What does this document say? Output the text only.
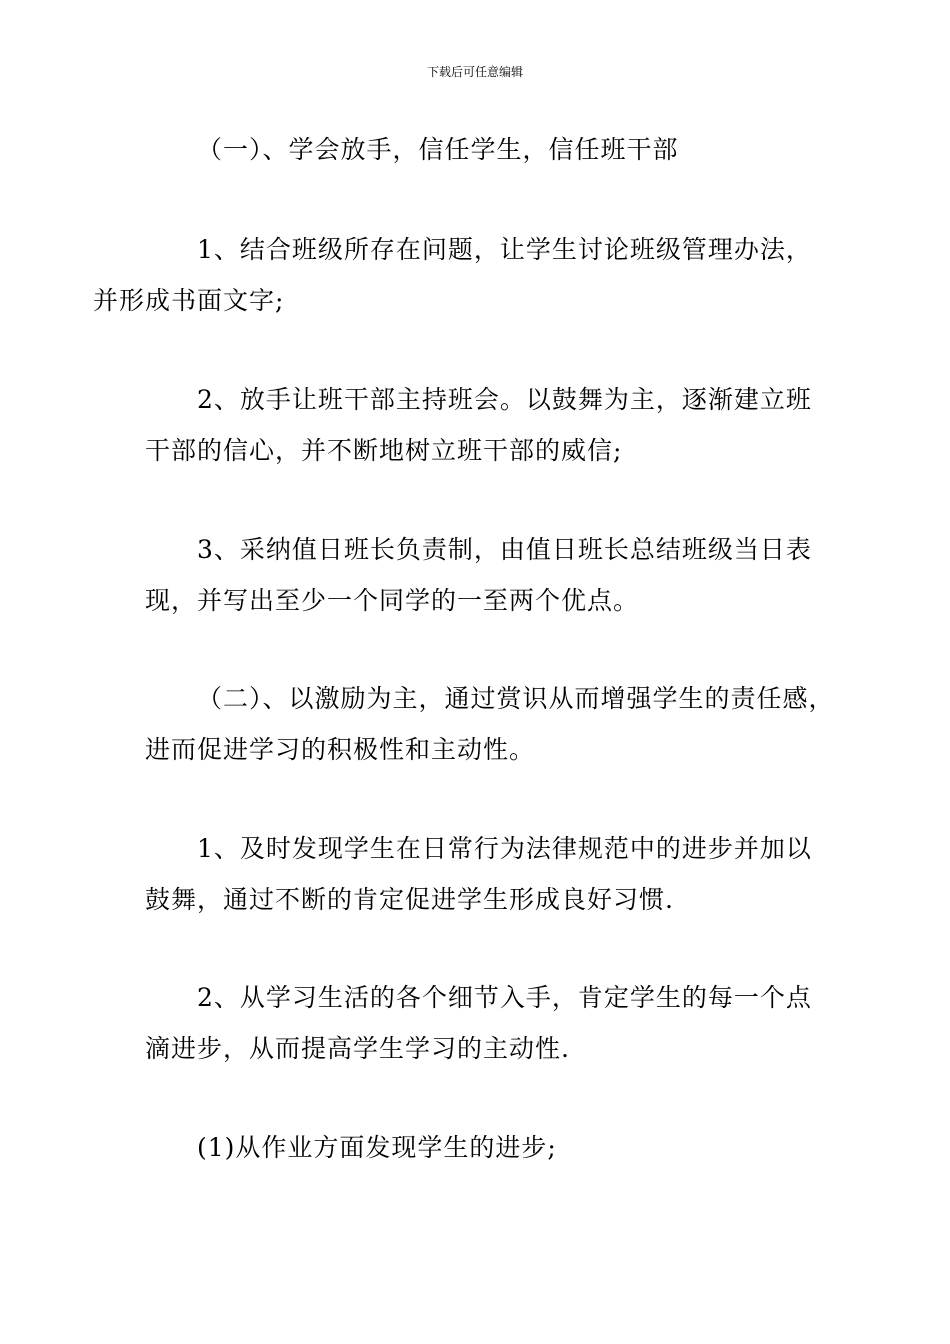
下载后可任意编辑

（一）、学会放手，信任学生，信任班干部

1、结合班级所存在问题，让学生讨论班级管理办法，
并形成书面文字;

2、放手让班干部主持班会。以鼓舞为主，逐渐建立班
干部的信心，并不断地树立班干部的威信;

3、采纳值日班长负责制，由值日班长总结班级当日表
现，并写出至少一个同学的一至两个优点。

（二）、以激励为主，通过赏识从而增强学生的责任感，
进而促进学习的积极性和主动性。

1、及时发现学生在日常行为法律规范中的进步并加以
鼓舞，通过不断的肯定促进学生形成良好习惯.

2、从学习生活的各个细节入手，肯定学生的每一个点
滴进步，从而提高学生学习的主动性.

(1)从作业方面发现学生的进步;
